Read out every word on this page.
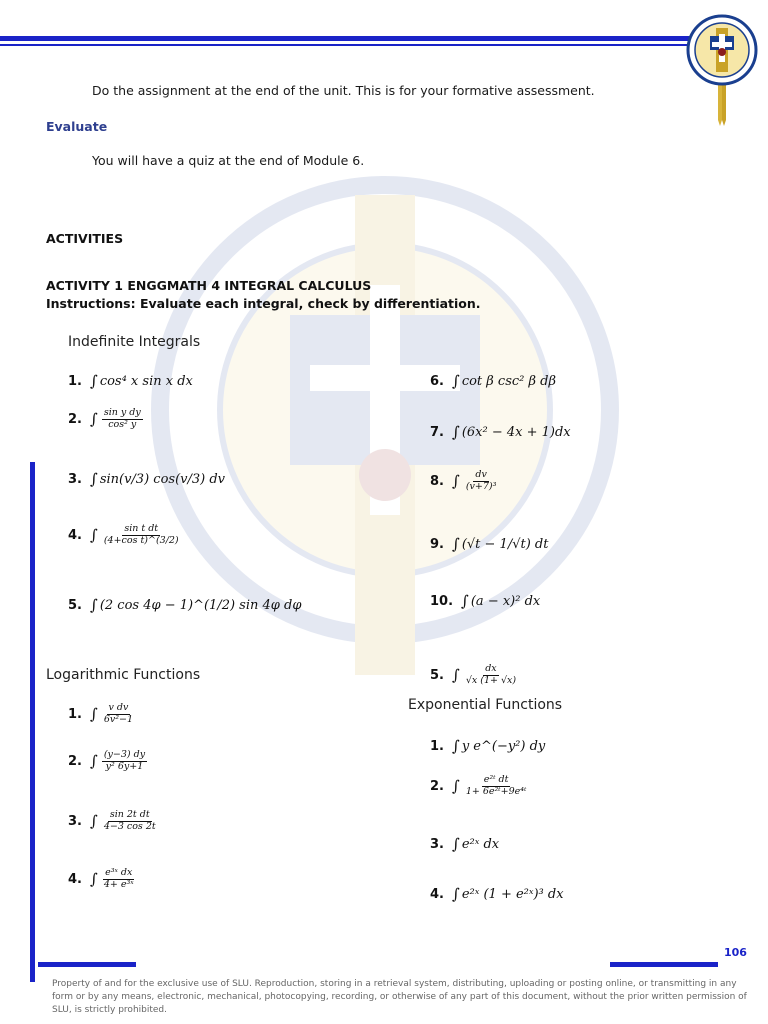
Do the assignment at the end of the unit. This is for your formative assessment.
Evaluate
You will have a quiz at the end of Module 6.
ACTIVITIES
ACTIVITY 1 ENGGMATH 4 INTEGRAL CALCULUS
Instructions: Evaluate each integral, check by differentiation.
Indefinite Integrals
1. ∫ cos⁴ x sin x dx
2. ∫ $\frac{\text{sin y dy}}{\text{cos² y}}$
3. ∫ sin(v/3) cos(v/3) dv
4. ∫ $\frac{\text{sin t dt}}{\text{(4+cos t)\textasciicircum{}(3/2)}}$
5. ∫ (2 cos 4φ − 1)^(1/2) sin 4φ dφ
6. ∫ cot β csc² β dβ
7. ∫ (6x² − 4x + 1)dx
8. ∫ $\frac{dv}{\text{(v+7)³}}$
9. ∫ (√t − 1/√t) dt
10. ∫ (a − x)² dx
Logarithmic Functions
1. ∫ $\frac{\text{v dv}}{\text{6v²−1}}$
2. ∫ $\frac{(y-3) dy}{\text{y² 6y+1}}$
3. ∫ $\frac{\text{sin 2t dt}}{4-3 \cos 2t}$
4. ∫ $\frac{\text{e³ˣ dx}}{\text{4+ e³ˣ}}$
5. ∫ $\frac{dx}{√x (1+ √x)}$
Exponential Functions
1. ∫ y e^(−y²) dy
2. ∫ $\frac{\text{e²ᵗ dt}}{\text{1+ 6e²ᵗ+9e⁴ᵗ}}$
3. ∫ e²ˣ dx
4. ∫ e²ˣ (1 + e²ˣ)³ dx
106
Property of and for the exclusive use of SLU. Reproduction, storing in a retrieval system, distributing, uploading or posting online, or transmitting in any form or by any means, electronic, mechanical, photocopying, recording, or otherwise of any part of this document, without the prior written permission of SLU, is strictly prohibited.
